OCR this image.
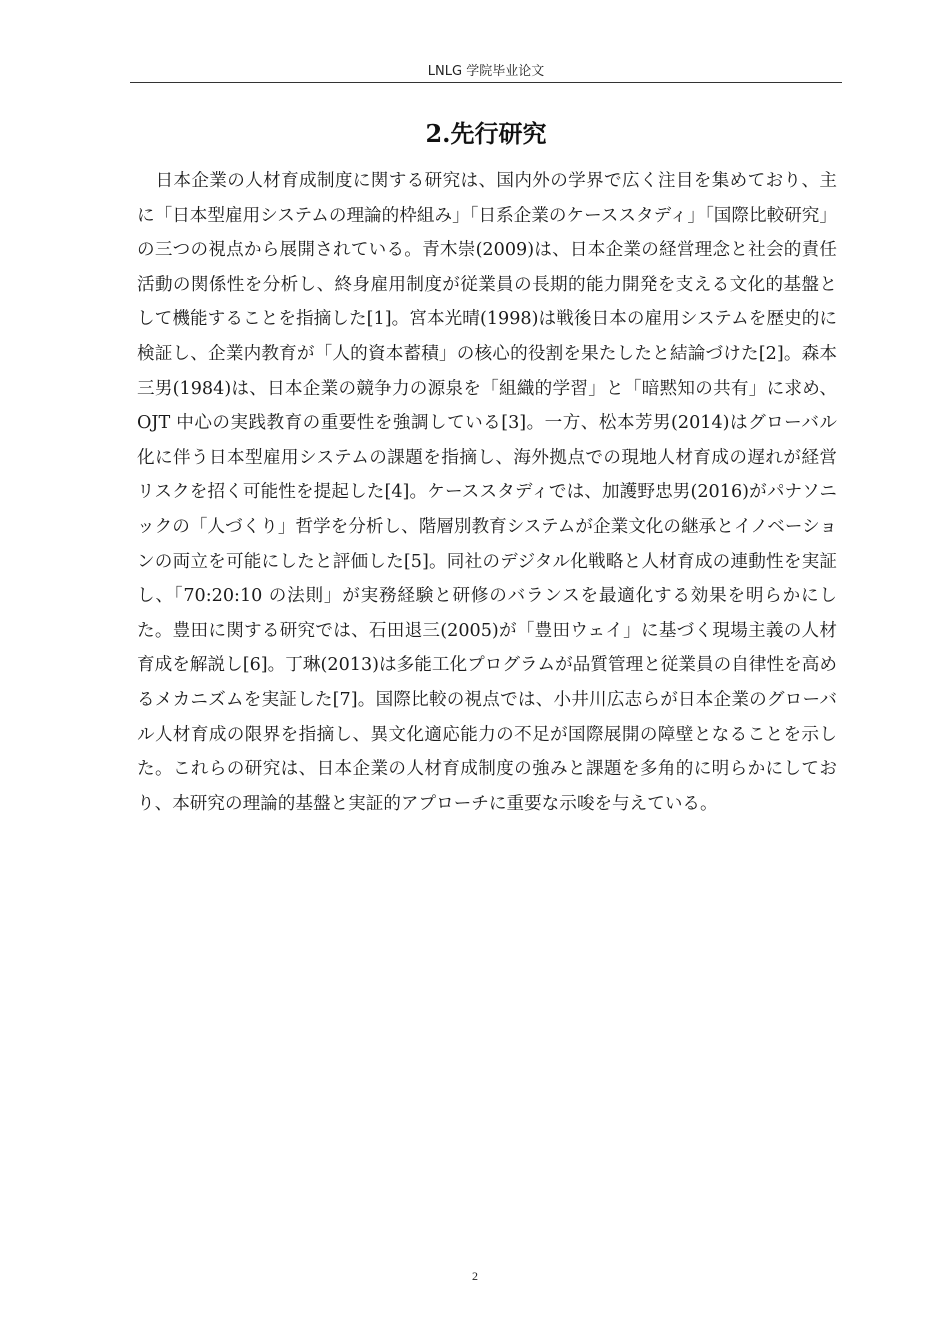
LNLG 学院毕业论文
2.先行研究

日本企業の人材育成制度に関する研究は、国内外の学界で広く注目を集めており、主に「日本型雇用システムの理論的枠組み」「日系企業のケーススタディ」「国際比較研究」の三つの視点から展開されている。青木崇(2009)は、日本企業の経営理念と社会的責任活動の関係性を分析し、終身雇用制度が従業員の長期的能力開発を支える文化的基盤として機能することを指摘した[1]。宮本光晴(1998)は戦後日本の雇用システムを歴史的に検証し、企業内教育が「人的資本蓄積」の核心的役割を果たしたと結論づけた[2]。森本三男(1984)は、日本企業の競争力の源泉を「組織的学習」と「暗黙知の共有」に求め、OJT 中心の実践教育の重要性を強調している[3]。一方、松本芳男(2014)はグローバル化に伴う日本型雇用システムの課題を指摘し、海外拠点での現地人材育成の遅れが経営リスクを招く可能性を提起した[4]。ケーススタディでは、加護野忠男(2016)がパナソニックの「人づくり」哲学を分析し、階層別教育システムが企業文化の継承とイノベーションの両立を可能にしたと評価した[5]。同社のデジタル化戦略と人材育成の連動性を実証し、「70:20:10 の法則」が実務経験と研修のバランスを最適化する効果を明らかにした。豊田に関する研究では、石田退三(2005)が「豊田ウェイ」に基づく現場主義の人材育成を解説し[6]。丁琳(2013)は多能工化プログラムが品質管理と従業員の自律性を高めるメカニズムを実証した[7]。国際比較の視点では、小井川広志らが日本企業のグローバル人材育成の限界を指摘し、異文化適応能力の不足が国際展開の障壁となることを示した。これらの研究は、日本企業の人材育成制度の強みと課題を多角的に明らかにしており、本研究の理論的基盤と実証的アプローチに重要な示唆を与えている。

2
